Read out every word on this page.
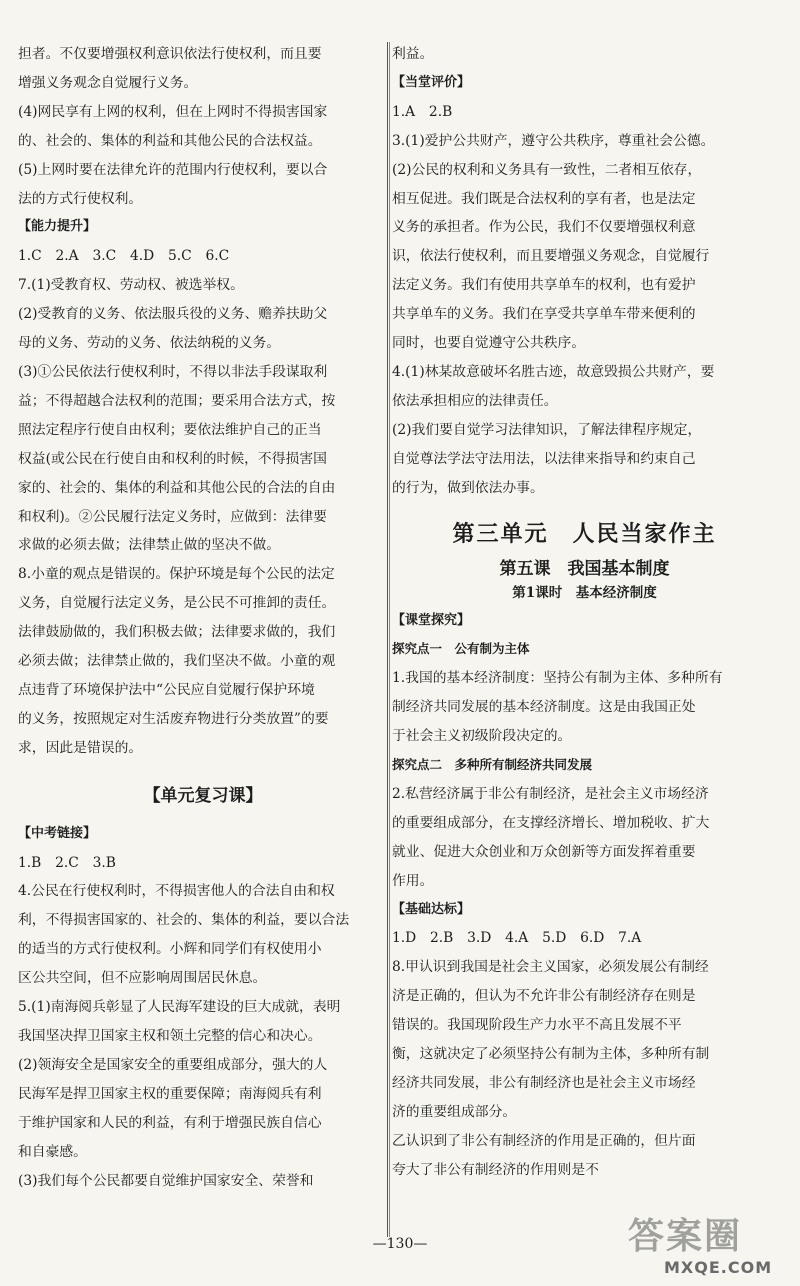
担者。不仅要增强权利意识依法行使权利，而且要

增强义务观念自觉履行义务。

(4)网民享有上网的权利，但在上网时不得损害国家

的、社会的、集体的利益和其他公民的合法权益。

(5)上网时要在法律允许的范围内行使权利，要以合

法的方式行使权利。

【能力提升】

1.C　2.A　3.C　4.D　5.C　6.C

7.(1)受教育权、劳动权、被选举权。

(2)受教育的义务、依法服兵役的义务、赡养扶助父

母的义务、劳动的义务、依法纳税的义务。

(3)①公民依法行使权利时，不得以非法手段谋取利

益；不得超越合法权利的范围；要采用合法方式，按

照法定程序行使自由权利；要依法维护自己的正当

权益(或公民在行使自由和权利的时候，不得损害国

家的、社会的、集体的利益和其他公民的合法的自由

和权利)。②公民履行法定义务时，应做到：法律要

求做的必须去做；法律禁止做的坚决不做。

8.小童的观点是错误的。保护环境是每个公民的法定

义务，自觉履行法定义务，是公民不可推卸的责任。

法律鼓励做的，我们积极去做；法律要求做的，我们

必须去做；法律禁止做的，我们坚决不做。小童的观

点违背了环境保护法中“公民应自觉履行保护环境

的义务，按照规定对生活废弃物进行分类放置”的要

求，因此是错误的。

【单元复习课】

【中考链接】

1.B　2.C　3.B

4.公民在行使权利时，不得损害他人的合法自由和权

利，不得损害国家的、社会的、集体的利益，要以合法

的适当的方式行使权利。小辉和同学们有权使用小

区公共空间，但不应影响周围居民休息。

5.(1)南海阅兵彰显了人民海军建设的巨大成就，表明

我国坚决捍卫国家主权和领土完整的信心和决心。

(2)领海安全是国家安全的重要组成部分，强大的人

民海军是捍卫国家主权的重要保障；南海阅兵有利

于维护国家和人民的利益，有利于增强民族自信心

和自豪感。

(3)我们每个公民都要自觉维护国家安全、荣誉和

利益。

【当堂评价】

1.A　2.B

3.(1)爱护公共财产，遵守公共秩序，尊重社会公德。

(2)公民的权利和义务具有一致性，二者相互依存，

相互促进。我们既是合法权利的享有者，也是法定

义务的承担者。作为公民，我们不仅要增强权利意

识，依法行使权利，而且要增强义务观念，自觉履行

法定义务。我们有使用共享单车的权利，也有爱护

共享单车的义务。我们在享受共享单车带来便利的

同时，也要自觉遵守公共秩序。

4.(1)林某故意破坏名胜古迹，故意毁损公共财产，要

依法承担相应的法律责任。

(2)我们要自觉学习法律知识，了解法律程序规定，

自觉尊法学法守法用法，以法律来指导和约束自己

的行为，做到依法办事。

第三单元　人民当家作主

第五课　我国基本制度

第1课时　基本经济制度

【课堂探究】

探究点一　公有制为主体

1.我国的基本经济制度：坚持公有制为主体、多种所有

制经济共同发展的基本经济制度。这是由我国正处

于社会主义初级阶段决定的。

探究点二　多种所有制经济共同发展

2.私营经济属于非公有制经济，是社会主义市场经济

的重要组成部分，在支撑经济增长、增加税收、扩大

就业、促进大众创业和万众创新等方面发挥着重要

作用。

【基础达标】

1.D　2.B　3.D　4.A　5.D　6.D　7.A

8.甲认识到我国是社会主义国家，必须发展公有制经

济是正确的，但认为不允许非公有制经济存在则是

错误的。我国现阶段生产力水平不高且发展不平

衡，这就决定了必须坚持公有制为主体，多种所有制

经济共同发展，非公有制经济也是社会主义市场经

济的重要组成部分。

乙认识到了非公有制经济的作用是正确的，但片面

夸大了非公有制经济的作用则是不

—130—	答案圈
MXQE.COM
